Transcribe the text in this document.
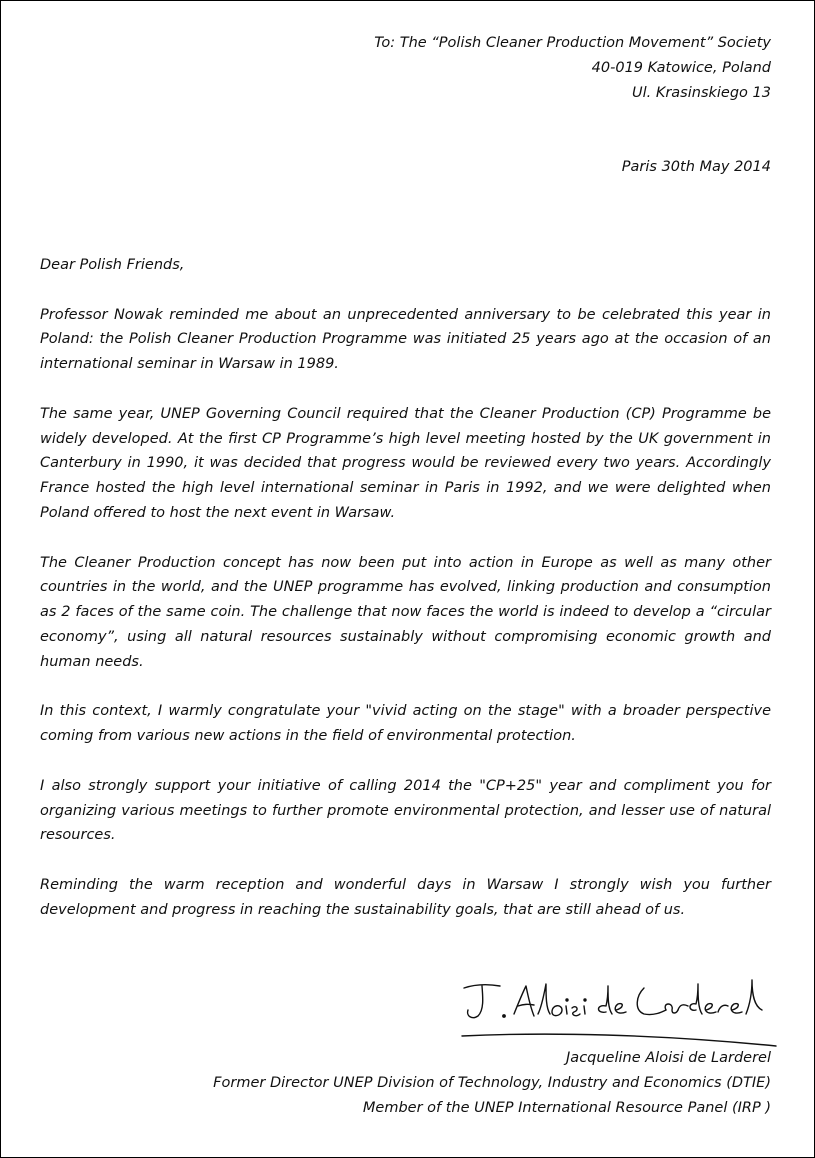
To: The “Polish Cleaner Production Movement” Society
40-019 Katowice, Poland
Ul. Krasinskiego 13
Paris 30th May 2014

Dear Polish Friends,

Professor Nowak reminded me about an unprecedented anniversary to be celebrated this year in Poland: the Polish Cleaner Production Programme was initiated 25 years ago at the occasion of an international seminar in Warsaw in 1989.

The same year, UNEP Governing Council required that the Cleaner Production (CP) Programme be widely developed. At the first CP Programme’s high level meeting hosted by the UK government in Canterbury in 1990, it was decided that progress would be reviewed every two years. Accordingly France hosted the high level international seminar in Paris in 1992, and we were delighted when Poland offered to host the next event in Warsaw.

The Cleaner Production concept has now been put into action in Europe as well as many other countries in the world, and the UNEP programme has evolved, linking production and consumption as 2 faces of the same coin. The challenge that now faces the world is indeed to develop a “circular economy”, using all natural resources sustainably without compromising economic growth and human needs.

In this context, I warmly congratulate your "vivid acting on the stage" with a broader perspective coming from various new actions in the field of environmental protection.

I also strongly support your initiative of calling 2014 the "CP+25" year and compliment you for organizing various meetings to further promote environmental protection, and lesser use of natural resources.

Reminding the warm reception and wonderful days in Warsaw I strongly wish you further development and progress in reaching the sustainability goals, that are still ahead of us.

Jacqueline Aloisi de Larderel
Former Director UNEP Division of Technology, Industry and Economics (DTIE)
Member of the UNEP International Resource Panel (IRP )
